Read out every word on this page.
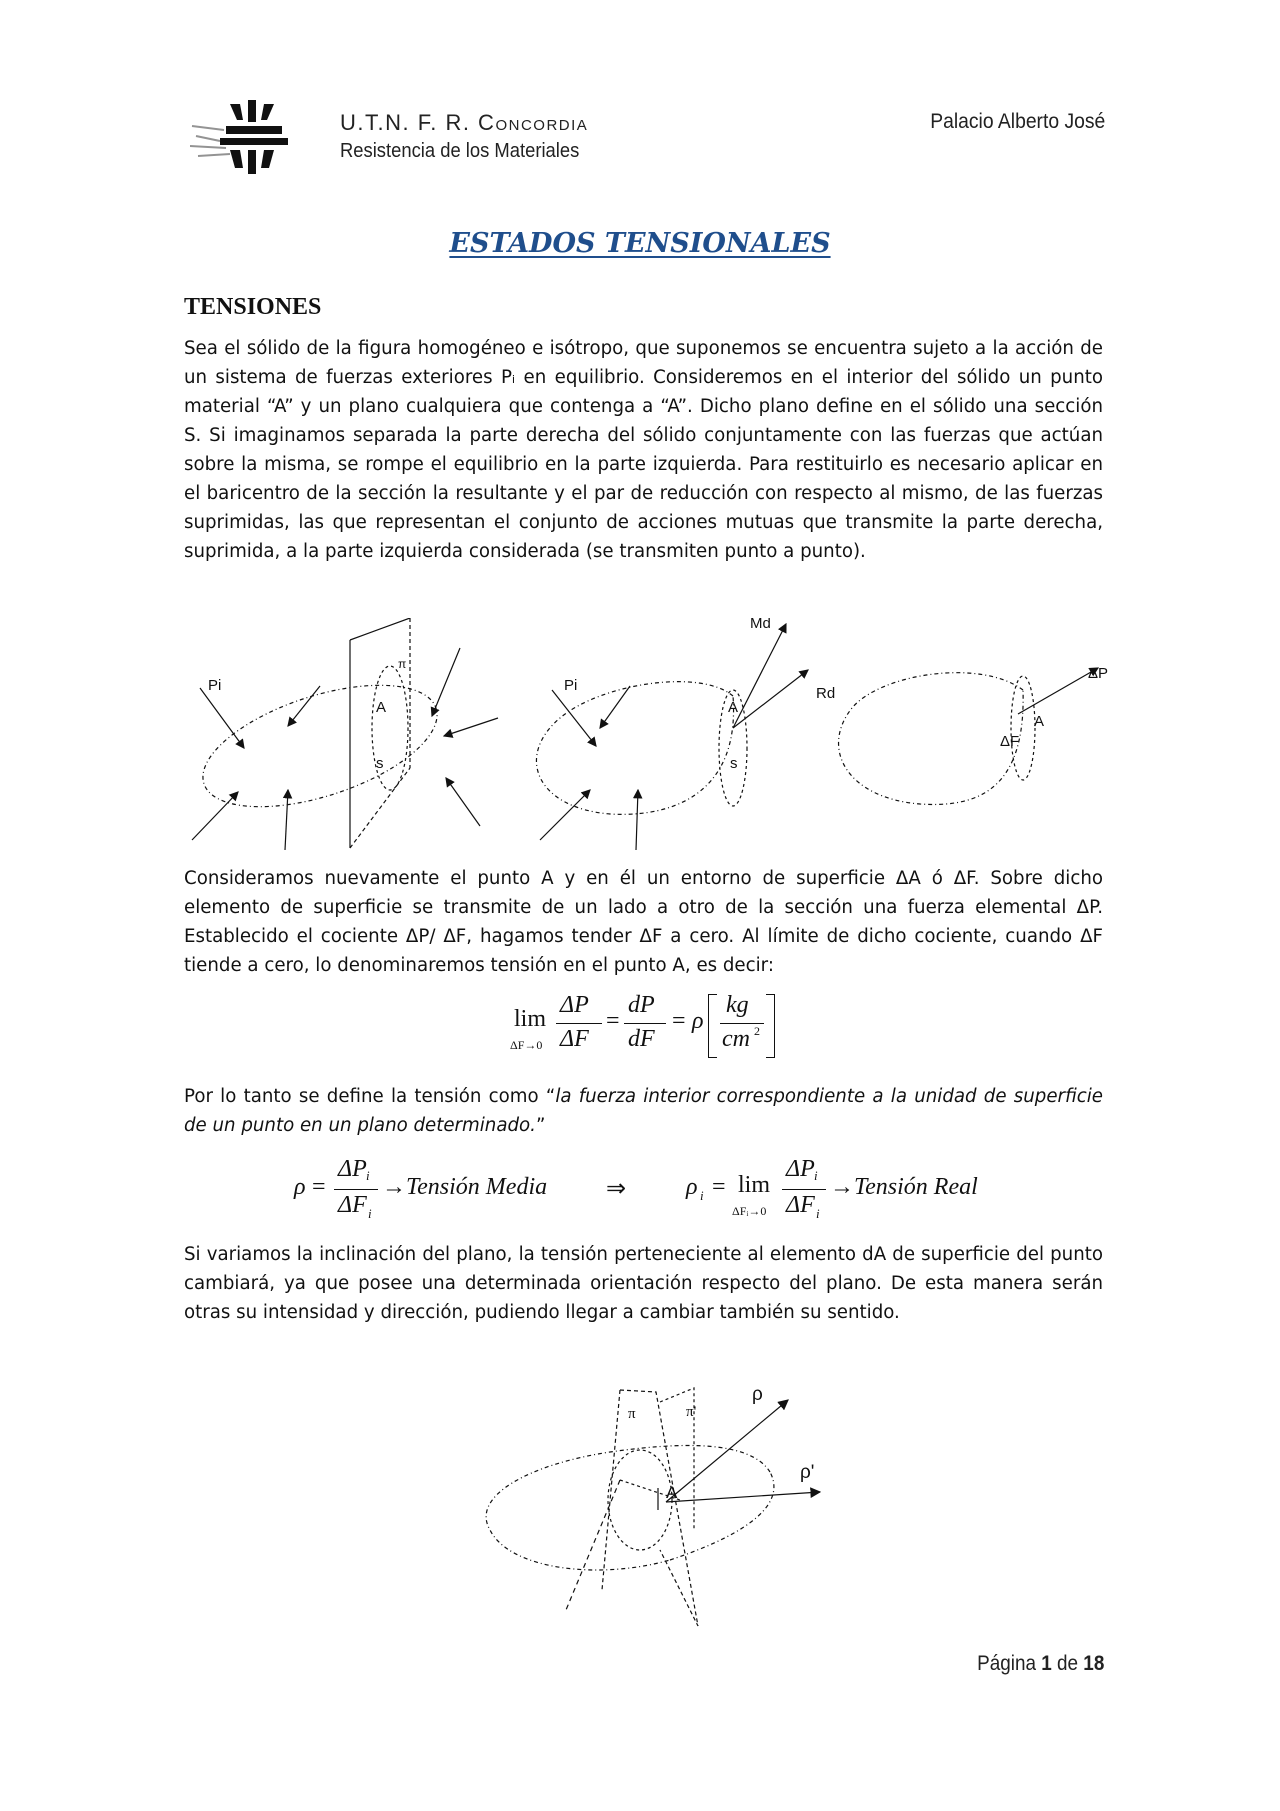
U.T.N. F. R. Concordia
Resistencia de los Materiales
Palacio Alberto José
ESTADOS TENSIONALES
TENSIONES
Sea el sólido de la figura homogéneo e isótropo, que suponemos se encuentra sujeto a la acción de un sistema de fuerzas exteriores Pᵢ en equilibrio. Consideremos en el interior del sólido un punto material “A” y un plano cualquiera que contenga a “A”. Dicho plano define en el sólido una sección S. Si imaginamos separada la parte derecha del sólido conjuntamente con las fuerzas que actúan sobre la misma, se rompe el equilibrio en la parte izquierda. Para restituirlo es necesario aplicar en el baricentro de la sección la resultante y el par de reducción con respecto al mismo, de las fuerzas suprimidas, las que representan el conjunto de acciones mutuas que transmite la parte derecha, suprimida, a la parte izquierda considerada (se transmiten punto a punto).
Pi
A
s
π
Pi
A
s
Md
Rd
ΔP
A
ΔF
Consideramos nuevamente el punto A y en él un entorno de superficie ΔA ó ΔF. Sobre dicho elemento de superficie se transmite de un lado a otro de la sección una fuerza elemental ΔP. Establecido el cociente ΔP/ ΔF, hagamos tender ΔF a cero. Al límite de dicho cociente, cuando ΔF tiende a cero, lo denominaremos tensión en el punto A, es decir:
lim
ΔF→0
ΔP
ΔF
=
dP
dF
= ρ
kg
cm 2
Por lo tanto se define la tensión como “la fuerza interior correspondiente a la unidad de superficie de un punto en un plano determinado.”
ρ =
ΔP i
ΔF i
→Tensión Media ⇒ ρ i = lim
ΔFᵢ→0
ΔP i
ΔF i
→Tensión Real
Si variamos la inclinación del plano, la tensión perteneciente al elemento dA de superficie del punto cambiará, ya que posee una determinada orientación respecto del plano. De esta manera serán otras su intensidad y dirección, pudiendo llegar a cambiar también su sentido.
π	π'
A
ρ
ρ'
Página 1 de 18
